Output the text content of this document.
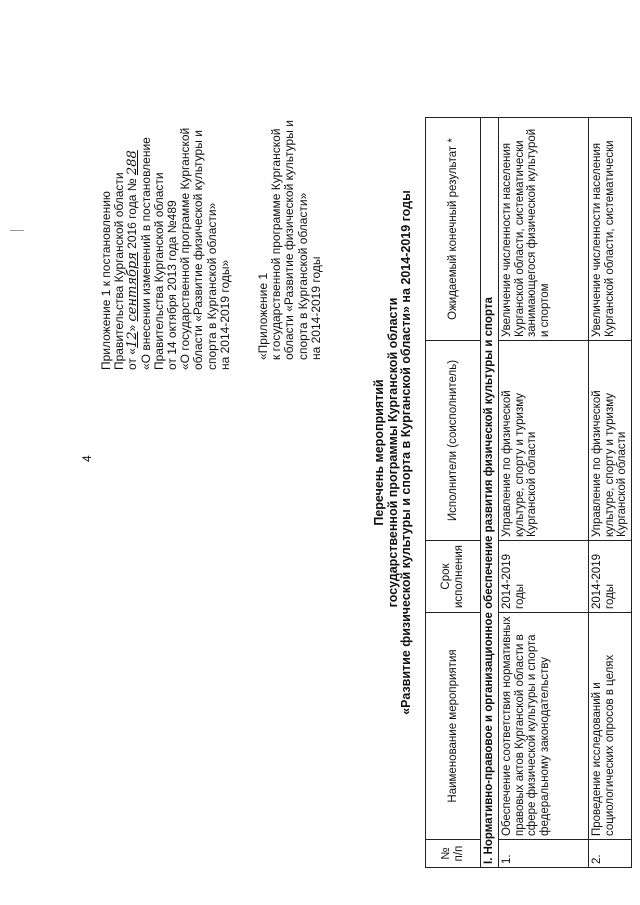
4
Приложение 1 к постановлению Правительства Курганской области от «12» сентября 2016 года № 288
«О внесении изменений в постановление Правительства Курганской области от 14 октября 2013 года №489 «О государственной программе Курганской области «Развитие физической культуры и спорта в Курганской области» на 2014-2019 годы» «Приложение 1 к государственной программе Курганской области «Развитие физической культуры и спорта в Курганской области» на 2014-2019 годы
Перечень мероприятий государственной программы Курганской области «Развитие физической культуры и спорта в Курганской области» на 2014-2019 годы
№ п/п	Наименование мероприятия	Срок исполнения	Исполнители (соисполнитель)	Ожидаемый конечный результат *
I. Нормативно-правовое и организационное обеспечение развития физической культуры и спорта				
1.	Обеспечение соответствия нормативных правовых актов Курганской области в сфере физической культуры и спорта федеральному законодательству	2014-2019 годы	Управление по физической культуре, спорту и туризму Курганской области	Увеличение численности населения Курганской области, систематически занимающегося физической культурой и спортом
2.	Проведение исследований и социологических опросов в целях	2014-2019 годы	Управление по физической культуре, спорту и туризму Курганской области	Увеличение численности населения Курганской области, систематически
